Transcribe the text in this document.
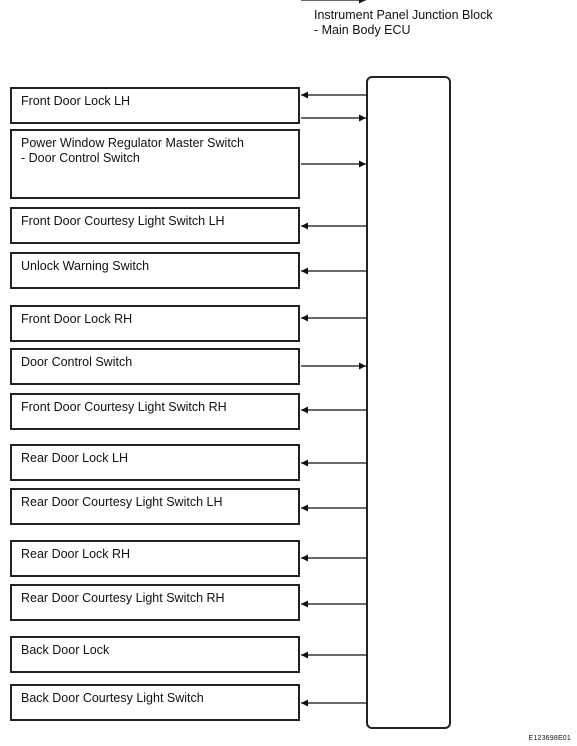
Instrument Panel Junction Block
- Main Body ECU
Front Door Lock LH
Power Window Regulator Master Switch
- Door Control Switch
Front Door Courtesy Light Switch LH
Unlock Warning Switch
Front Door Lock RH
Door Control Switch
Front Door Courtesy Light Switch RH
Rear Door Lock LH
Rear Door Courtesy Light Switch LH
Rear Door Lock RH
Rear Door Courtesy Light Switch RH
Back Door Lock
Back Door Courtesy Light Switch
E123698E01
